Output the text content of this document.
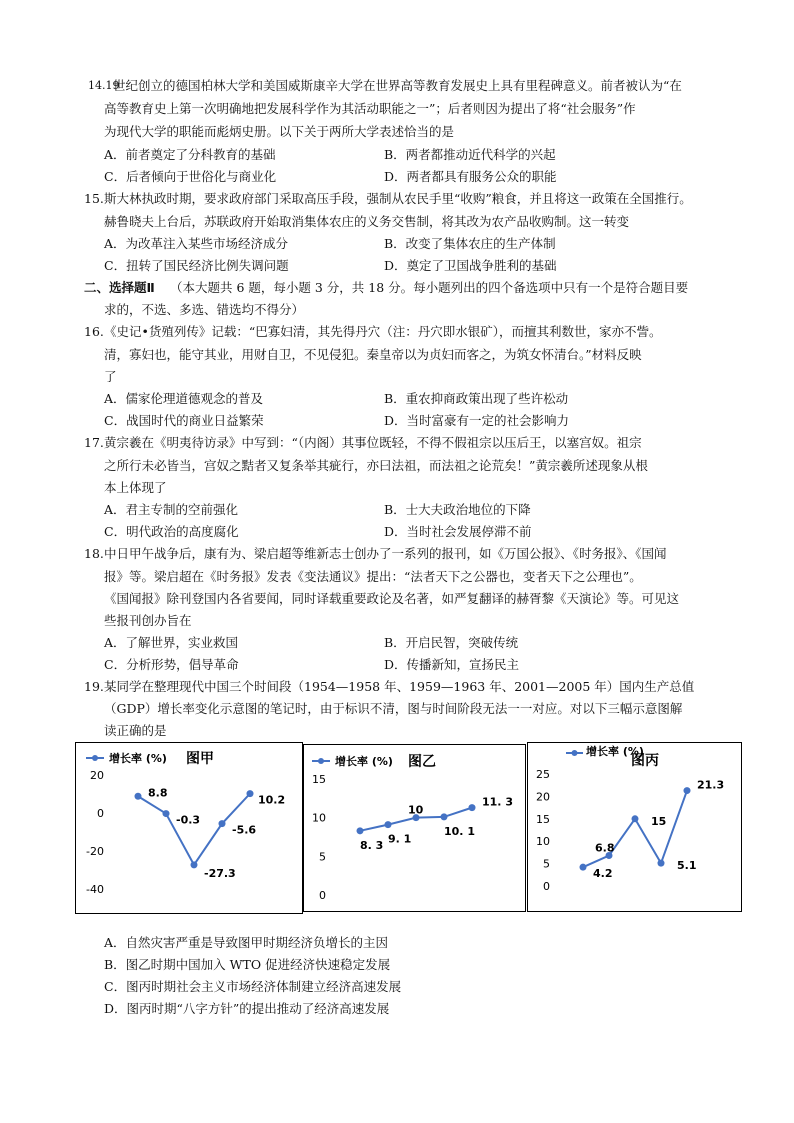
14.19
世纪创立的德国柏林大学和美国威斯康辛大学在世界高等教育发展史上具有里程碑意义。前者被认为“在
高等教育史上第一次明确地把发展科学作为其活动职能之一”；后者则因为提出了将“社会服务”作
为现代大学的职能而彪炳史册。以下关于两所大学表述恰当的是
A．前者奠定了分科教育的基础	B．两者都推动近代科学的兴起
C．后者倾向于世俗化与商业化	D．两者都具有服务公众的职能
15. 斯大林执政时期，要求政府部门采取高压手段，强制从农民手里“收购”粮食，并且将这一政策在全国推行。
赫鲁晓夫上台后，苏联政府开始取消集体农庄的义务交售制，将其改为农产品收购制。这一转变
A．为改革注入某些市场经济成分	B．改变了集体农庄的生产体制
C．扭转了国民经济比例失调问题	D．奠定了卫国战争胜利的基础
二、选择题Ⅱ （本大题共 6 题，每小题 3 分，共 18 分。每小题列出的四个备选项中只有一个是符合题目要
求的，不选、多选、错选均不得分）
16. 《史记•货殖列传》记载：“巴寡妇清，其先得丹穴（注：丹穴即水银矿），而擅其利数世，家亦不訾。
清，寡妇也，能守其业，用财自卫，不见侵犯。秦皇帝以为贞妇而客之，为筑女怀清台。”材料反映
了
A．儒家伦理道德观念的普及	B．重农抑商政策出现了些许松动
C．战国时代的商业日益繁荣	D．当时富豪有一定的社会影响力
17. 黄宗羲在《明夷待访录》中写到：“（内阁）其事位既轻，不得不假祖宗以压后王，以塞宫奴。祖宗
之所行未必皆当，宫奴之黠者又复条举其疵行，亦曰法祖，而法祖之论荒矣！”黄宗羲所述现象从根
本上体现了
A．君主专制的空前强化	B．士大夫政治地位的下降
C．明代政治的高度腐化	D．当时社会发展停滞不前
18. 中日甲午战争后，康有为、梁启超等维新志士创办了一系列的报刊，如《万国公报》、《时务报》、《国闻
报》等。梁启超在《时务报》发表《变法通议》提出：“法者天下之公器也，变者天下之公理也”。
《国闻报》除刊登国内各省要闻，同时译载重要政论及名著，如严复翻译的赫胥黎《天演论》等。可见这
些报刊创办旨在
A．了解世界，实业救国	B．开启民智，突破传统
C．分析形势，倡导革命	D．传播新知，宣扬民主
19. 某同学在整理现代中国三个时间段（1954—1958 年、1959—1963 年、2001—2005 年）国内生产总值
（GDP）增长率变化示意图的笔记时，由于标识不清，图与时间阶段无法一一对应。对以下三幅示意图解
读正确的是
增长率 (%) 图甲
20
0
-20
-40
8.8
-0.3
-27.3
-5.6
10.2
增长率 (%) 图乙
15
10
5
0
8. 3 9. 1
10
10. 1
11. 3
增长率 (%)
图丙
25
20
15
10
5
0
4.2
6.8
15
5.1
21.3
A．自然灾害严重是导致图甲时期经济负增长的主因
B．图乙时期中国加入 WTO 促进经济快速稳定发展
C．图丙时期社会主义市场经济体制建立经济高速发展
D．图丙时期“八字方针”的提出推动了经济高速发展
